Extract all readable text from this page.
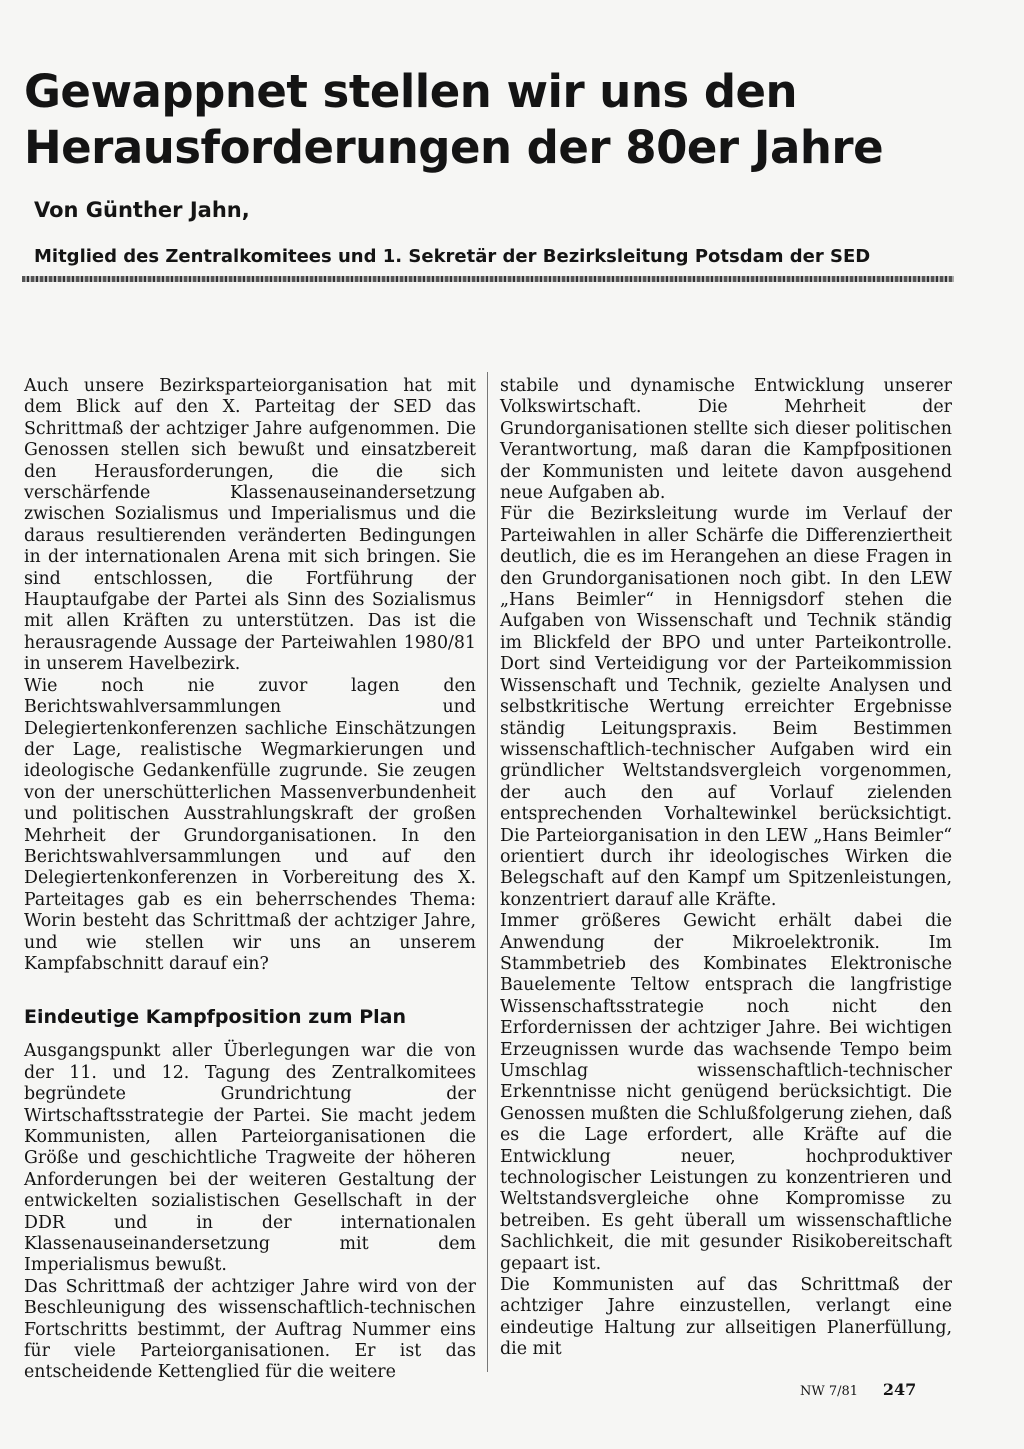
Gewappnet stellen wir uns den
Herausforderungen der 80er Jahre
Von Günther Jahn,
Mitglied des Zentralkomitees und 1. Sekretär der Bezirksleitung Potsdam der SED

Auch unsere Bezirksparteiorganisation hat mit dem Blick auf den X. Parteitag der SED das Schrittmaß der achtziger Jahre aufgenommen. Die Genossen stellen sich bewußt und einsatzbereit den Herausforderungen, die die sich verschärfende Klassenauseinandersetzung zwischen Sozialismus und Imperialismus und die daraus resultierenden veränderten Bedingungen in der internationalen Arena mit sich bringen. Sie sind entschlossen, die Fortführung der Hauptaufgabe der Partei als Sinn des Sozialismus mit allen Kräften zu unterstützen. Das ist die herausragende Aussage der Parteiwahlen 1980/81 in unserem Havelbezirk.

Wie noch nie zuvor lagen den Berichtswahlversammlungen und Delegiertenkonferenzen sachliche Einschätzungen der Lage, realistische Wegmarkierungen und ideologische Gedankenfülle zugrunde. Sie zeugen von der unerschütterlichen Massenverbundenheit und politischen Ausstrahlungskraft der großen Mehrheit der Grundorganisationen. In den Berichtswahlversammlungen und auf den Delegiertenkonferenzen in Vorbereitung des X. Parteitages gab es ein beherrschendes Thema: Worin besteht das Schrittmaß der achtziger Jahre, und wie stellen wir uns an unserem Kampfabschnitt darauf ein?

Eindeutige Kampfposition zum Plan

Ausgangspunkt aller Überlegungen war die von der 11. und 12. Tagung des Zentralkomitees begründete Grundrichtung der Wirtschaftsstrategie der Partei. Sie macht jedem Kommunisten, allen Parteiorganisationen die Größe und geschichtliche Tragweite der höheren Anforderungen bei der weiteren Gestaltung der entwickelten sozialistischen Gesellschaft in der DDR und in der internationalen Klassenauseinandersetzung mit dem Imperialismus bewußt.

Das Schrittmaß der achtziger Jahre wird von der Beschleunigung des wissenschaftlich-technischen Fortschritts bestimmt, der Auftrag Nummer eins für viele Parteiorganisationen. Er ist das entscheidende Kettenglied für die weitere

stabile und dynamische Entwicklung unserer Volkswirtschaft. Die Mehrheit der Grundorganisationen stellte sich dieser politischen Verantwortung, maß daran die Kampfpositionen der Kommunisten und leitete davon ausgehend neue Aufgaben ab.

Für die Bezirksleitung wurde im Verlauf der Parteiwahlen in aller Schärfe die Differenziertheit deutlich, die es im Herangehen an diese Fragen in den Grundorganisationen noch gibt. In den LEW „Hans Beimler“ in Hennigsdorf stehen die Aufgaben von Wissenschaft und Technik ständig im Blickfeld der BPO und unter Parteikontrolle. Dort sind Verteidigung vor der Parteikommission Wissenschaft und Technik, gezielte Analysen und selbstkritische Wertung erreichter Ergebnisse ständig Leitungspraxis. Beim Bestimmen wissenschaftlich-technischer Aufgaben wird ein gründlicher Weltstandsvergleich vorgenommen, der auch den auf Vorlauf zielenden entsprechenden Vorhaltewinkel berücksichtigt. Die Parteiorganisation in den LEW „Hans Beimler“ orientiert durch ihr ideologisches Wirken die Belegschaft auf den Kampf um Spitzenleistungen, konzentriert darauf alle Kräfte.

Immer größeres Gewicht erhält dabei die Anwendung der Mikroelektronik. Im Stammbetrieb des Kombinates Elektronische Bauelemente Teltow entsprach die langfristige Wissenschaftsstrategie noch nicht den Erfordernissen der achtziger Jahre. Bei wichtigen Erzeugnissen wurde das wachsende Tempo beim Umschlag wissenschaftlich-technischer Erkenntnisse nicht genügend berücksichtigt. Die Genossen mußten die Schlußfolgerung ziehen, daß es die Lage erfordert, alle Kräfte auf die Entwicklung neuer, hochproduktiver technologischer Leistungen zu konzentrieren und Weltstandsvergleiche ohne Kompromisse zu betreiben. Es geht überall um wissenschaftliche Sachlichkeit, die mit gesunder Risikobereitschaft gepaart ist.

Die Kommunisten auf das Schrittmaß der achtziger Jahre einzustellen, verlangt eine eindeutige Haltung zur allseitigen Planerfüllung, die mit

NW 7/81 247
